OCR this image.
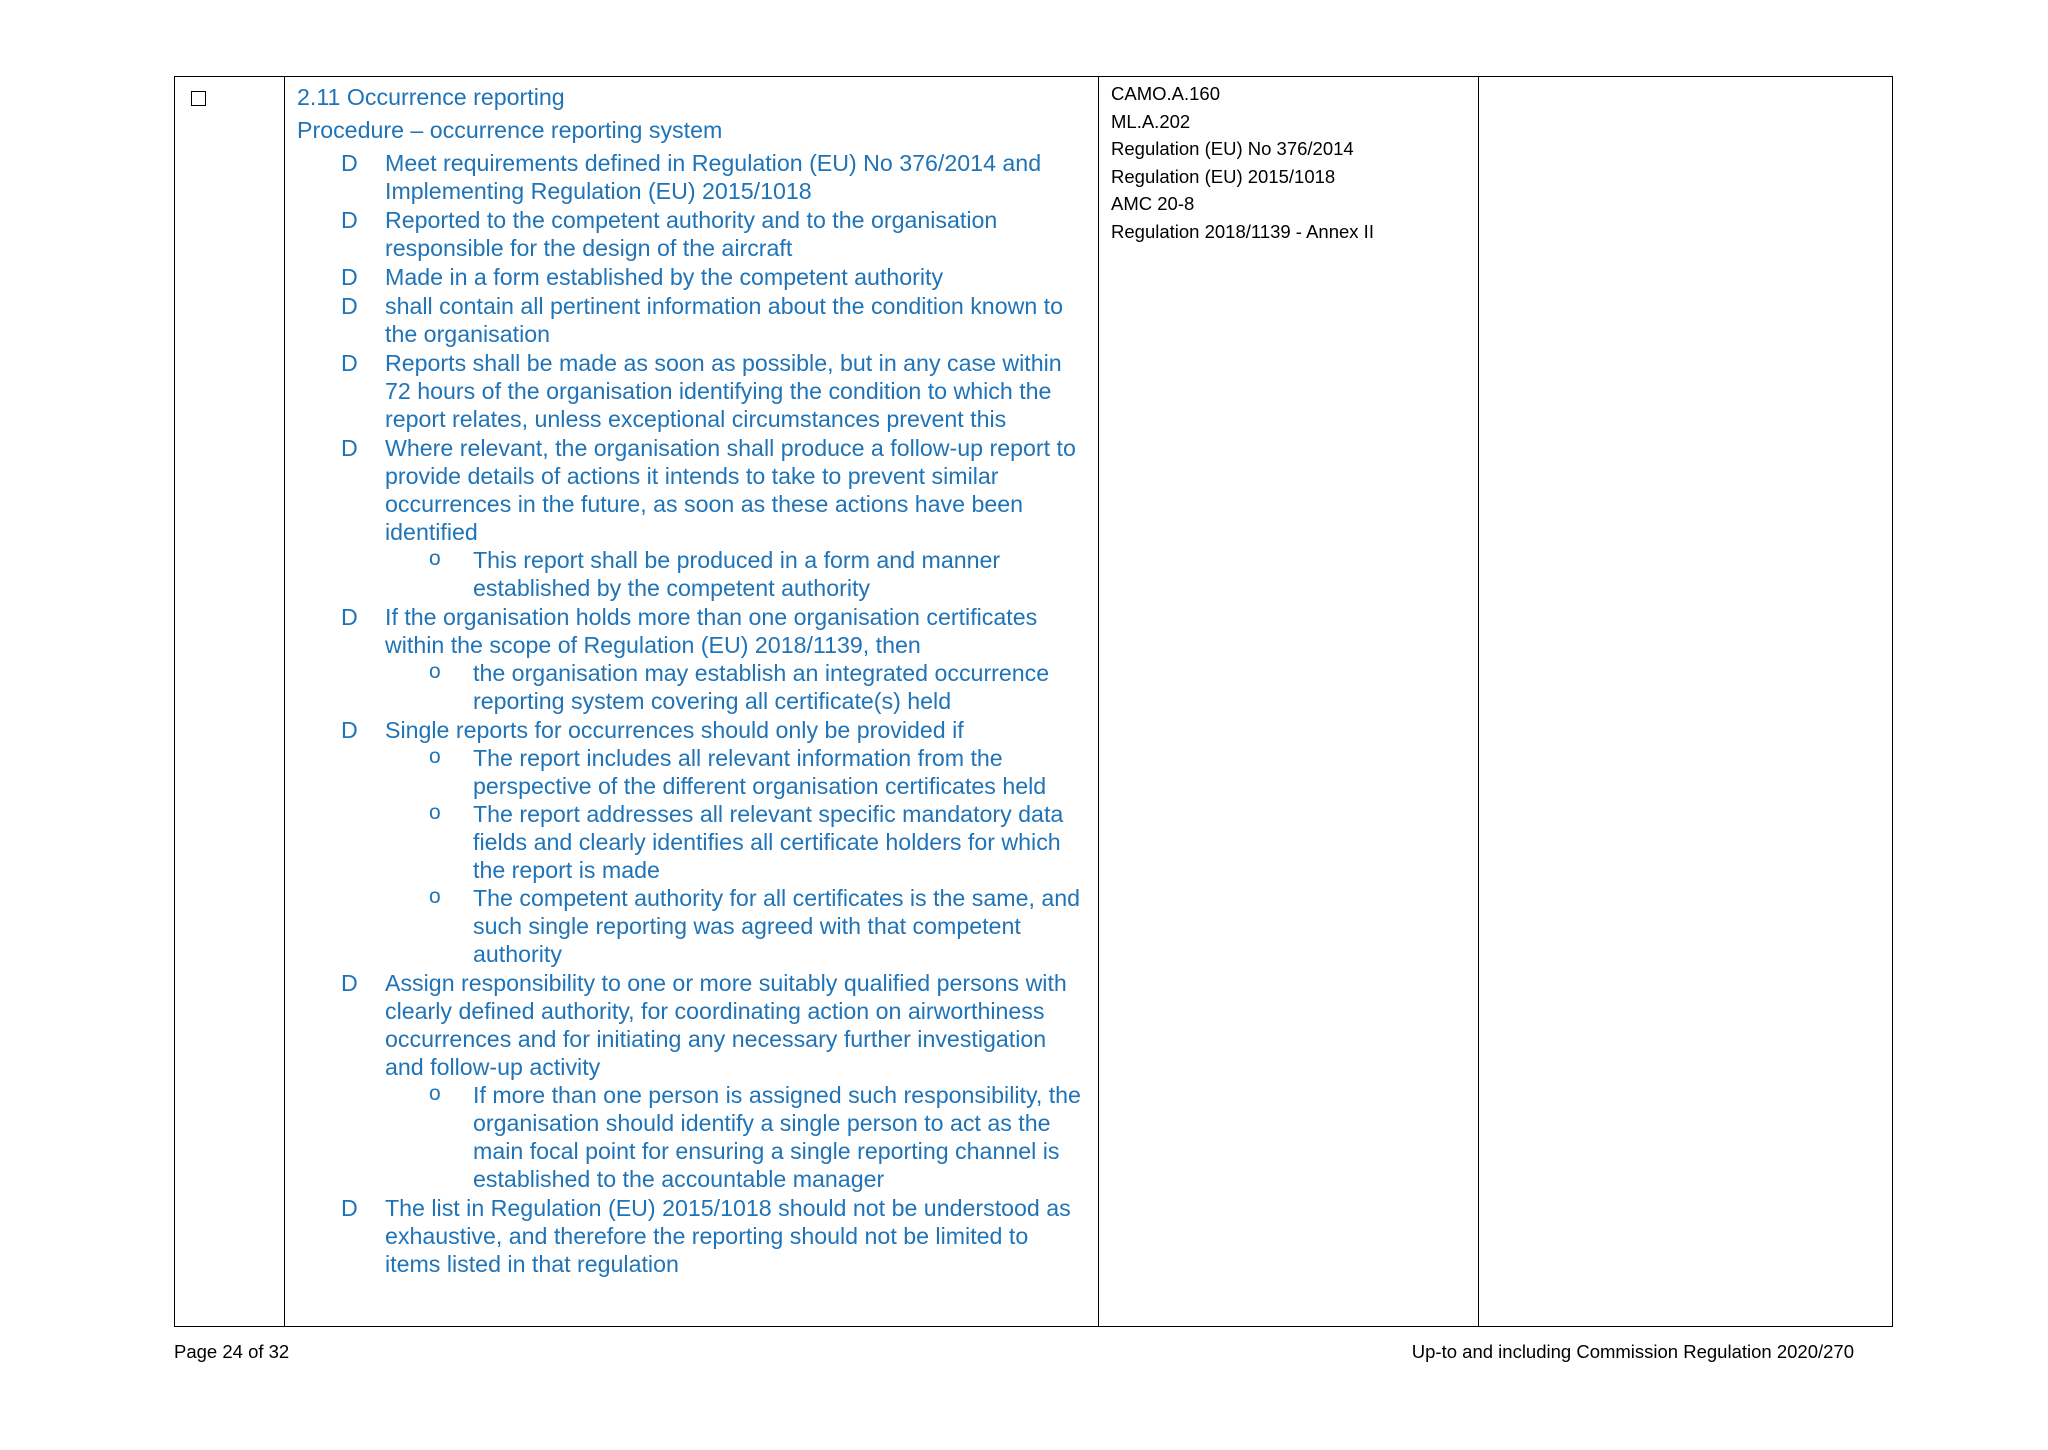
2.11 Occurrence reporting

Procedure – occurrence reporting system

D Meet requirements defined in Regulation (EU) No 376/2014 and Implementing Regulation (EU) 2015/1018
D Reported to the competent authority and to the organisation responsible for the design of the aircraft
D Made in a form established by the competent authority
D shall contain all pertinent information about the condition known to the organisation
D Reports shall be made as soon as possible, but in any case within 72 hours of the organisation identifying the condition to which the report relates, unless exceptional circumstances prevent this
D Where relevant, the organisation shall produce a follow-up report to provide details of actions it intends to take to prevent similar occurrences in the future, as soon as these actions have been identified
o This report shall be produced in a form and manner established by the competent authority
D If the organisation holds more than one organisation certificates within the scope of Regulation (EU) 2018/1139, then
o the organisation may establish an integrated occurrence reporting system covering all certificate(s) held
D Single reports for occurrences should only be provided if
o The report includes all relevant information from the perspective of the different organisation certificates held
o The report addresses all relevant specific mandatory data fields and clearly identifies all certificate holders for which the report is made
o The competent authority for all certificates is the same, and such single reporting was agreed with that competent authority
D Assign responsibility to one or more suitably qualified persons with clearly defined authority, for coordinating action on airworthiness occurrences and for initiating any necessary further investigation and follow-up activity
o If more than one person is assigned such responsibility, the organisation should identify a single person to act as the main focal point for ensuring a single reporting channel is established to the accountable manager
D The list in Regulation (EU) 2015/1018 should not be understood as exhaustive, and therefore the reporting should not be limited to items listed in that regulation

CAMO.A.160
ML.A.202
Regulation (EU) No 376/2014
Regulation (EU) 2015/1018
AMC 20-8
Regulation 2018/1139 - Annex II

Page 24 of 32	Up-to and including Commission Regulation 2020/270
